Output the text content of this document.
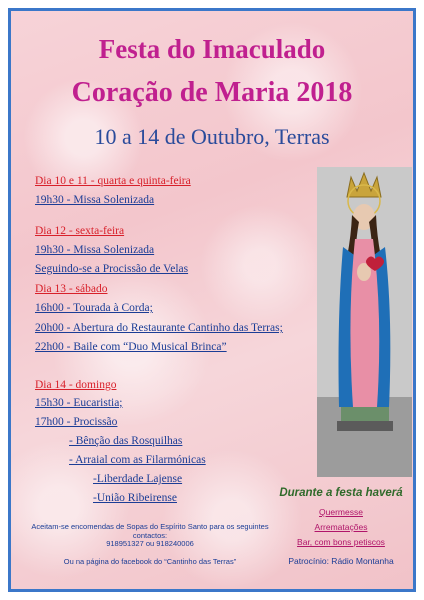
Festa do Imaculado
Coração de Maria 2018
10 a 14 de Outubro, Terras
Dia 10 e 11 - quarta e quinta-feira
19h30 - Missa Solenizada
Dia 12 - sexta-feira
19h30 - Missa Solenizada
Seguindo-se a Procissão de Velas
Dia 13 - sábado
16h00 - Tourada à Corda;
20h00 - Abertura do Restaurante Cantinho das Terras;
22h00 - Baile com “Duo Musical Brinca”
Dia 14 - domingo
15h30 - Eucaristia;
17h00 - Procissão
- Bênção das Rosquilhas
- Arraial com as Filarmónicas
-Liberdade Lajense
-União Ribeirense	Durante a festa haverá
Quermesse
Arrematações
Bar, com bons petiscos
Patrocínio: Rádio Montanha
Aceitam-se encomendas de Sopas do Espírito Santo para os seguintes contactos:
918951327 ou 918240006
Ou na página do facebook do “Cantinho das Terras”
